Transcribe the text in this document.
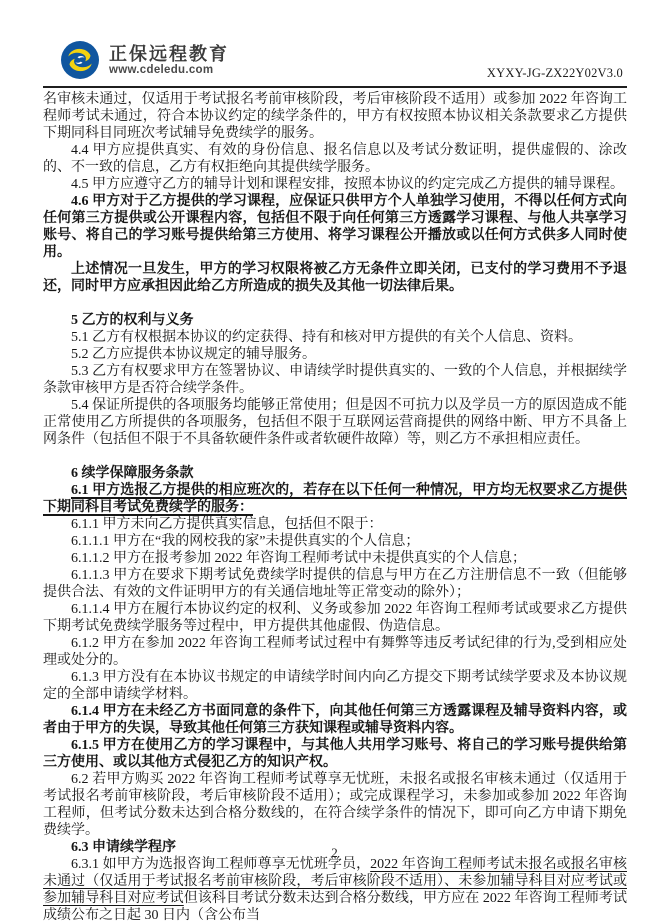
正保远程教育
www.cdeledu.com	XYXY-JG-ZX22Y02V3.0

名审核未通过，仅适用于考试报名考前审核阶段，考后审核阶段不适用）或参加 2022 年咨询工程师考试未通过，符合本协议约定的续学条件的，甲方有权按照本协议相关条款要求乙方提供下期同科目同班次考试辅导免费续学的服务。

4.4 甲方应提供真实、有效的身份信息、报名信息以及考试分数证明，提供虚假的、涂改的、不一致的信息，乙方有权拒绝向其提供续学服务。

4.5 甲方应遵守乙方的辅导计划和课程安排，按照本协议的约定完成乙方提供的辅导课程。

4.6 甲方对于乙方提供的学习课程，应保证只供甲方个人单独学习使用，不得以任何方式向任何第三方提供或公开课程内容，包括但不限于向任何第三方透露学习课程、与他人共享学习账号、将自己的学习账号提供给第三方使用、将学习课程公开播放或以任何方式供多人同时使用。

上述情况一旦发生，甲方的学习权限将被乙方无条件立即关闭，已支付的学习费用不予退还，同时甲方应承担因此给乙方所造成的损失及其他一切法律后果。

5 乙方的权利与义务

5.1 乙方有权根据本协议的约定获得、持有和核对甲方提供的有关个人信息、资料。

5.2 乙方应提供本协议规定的辅导服务。

5.3 乙方有权要求甲方在签署协议、申请续学时提供真实的、一致的个人信息，并根据续学条款审核甲方是否符合续学条件。

5.4 保证所提供的各项服务均能够正常使用；但是因不可抗力以及学员一方的原因造成不能正常使用乙方所提供的各项服务，包括但不限于互联网运营商提供的网络中断、甲方不具备上网条件（包括但不限于不具备软硬件条件或者软硬件故障）等，则乙方不承担相应责任。

6 续学保障服务条款

6.1 甲方选报乙方提供的相应班次的，若存在以下任何一种情况，甲方均无权要求乙方提供下期同科目考试免费续学的服务：

6.1.1 甲方未向乙方提供真实信息，包括但不限于：

6.1.1.1 甲方在“我的网校我的家”未提供真实的个人信息；

6.1.1.2 甲方在报考参加 2022 年咨询工程师考试中未提供真实的个人信息；

6.1.1.3 甲方在要求下期考试免费续学时提供的信息与甲方在乙方注册信息不一致（但能够提供合法、有效的文件证明甲方的有关通信地址等正常变动的除外）；

6.1.1.4 甲方在履行本协议约定的权利、义务或参加 2022 年咨询工程师考试或要求乙方提供下期考试免费续学服务等过程中，甲方提供其他虚假、伪造信息。

6.1.2 甲方在参加 2022 年咨询工程师考试过程中有舞弊等违反考试纪律的行为,受到相应处理或处分的。

6.1.3 甲方没有在本协议书规定的申请续学时间内向乙方提交下期考试续学要求及本协议规定的全部申请续学材料。

6.1.4 甲方在未经乙方书面同意的条件下，向其他任何第三方透露课程及辅导资料内容，或者由于甲方的失误，导致其他任何第三方获知课程或辅导资料内容。

6.1.5 甲方在使用乙方的学习课程中，与其他人共用学习账号、将自己的学习账号提供给第三方使用、或以其他方式侵犯乙方的知识产权。

6.2 若甲方购买 2022 年咨询工程师考试尊享无忧班，未报名或报名审核未通过（仅适用于考试报名考前审核阶段，考后审核阶段不适用）；或完成课程学习，未参加或参加 2022 年咨询工程师，但考试分数未达到合格分数线的，在符合续学条件的情况下，即可向乙方申请下期免费续学。

6.3 申请续学程序

6.3.1 如甲方为选报咨询工程师尊享无忧班学员，2022 年咨询工程师考试未报名或报名审核未通过（仅适用于考试报名考前审核阶段，考后审核阶段不适用）、未参加辅导科目对应考试或参加辅导科目对应考试但该科目考试分数未达到合格分数线，甲方应在 2022 年咨询工程师考试成绩公布之日起 30 日内（含公布当

2
